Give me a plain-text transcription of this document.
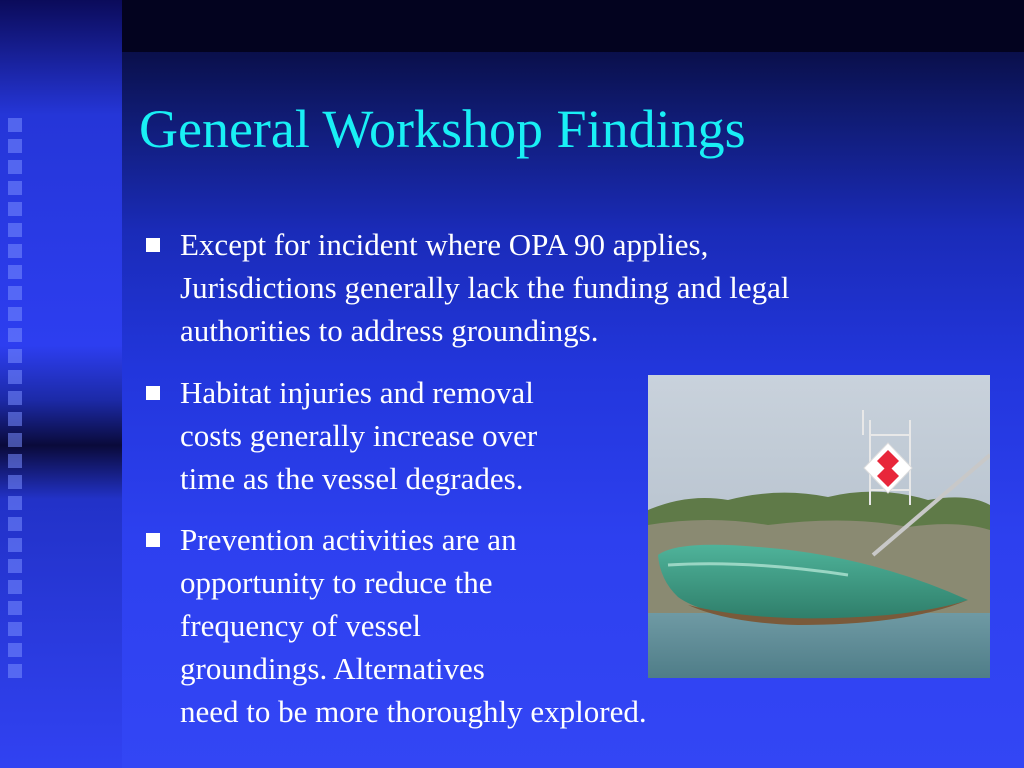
General Workshop Findings
Except for incident where OPA 90 applies,
Jurisdictions generally lack the funding and legal
authorities to address groundings.
Habitat injuries and removal
costs generally increase over
time as the vessel degrades.
Prevention activities are an
opportunity to reduce the
frequency of vessel
groundings. Alternatives
need to be more thoroughly explored.
